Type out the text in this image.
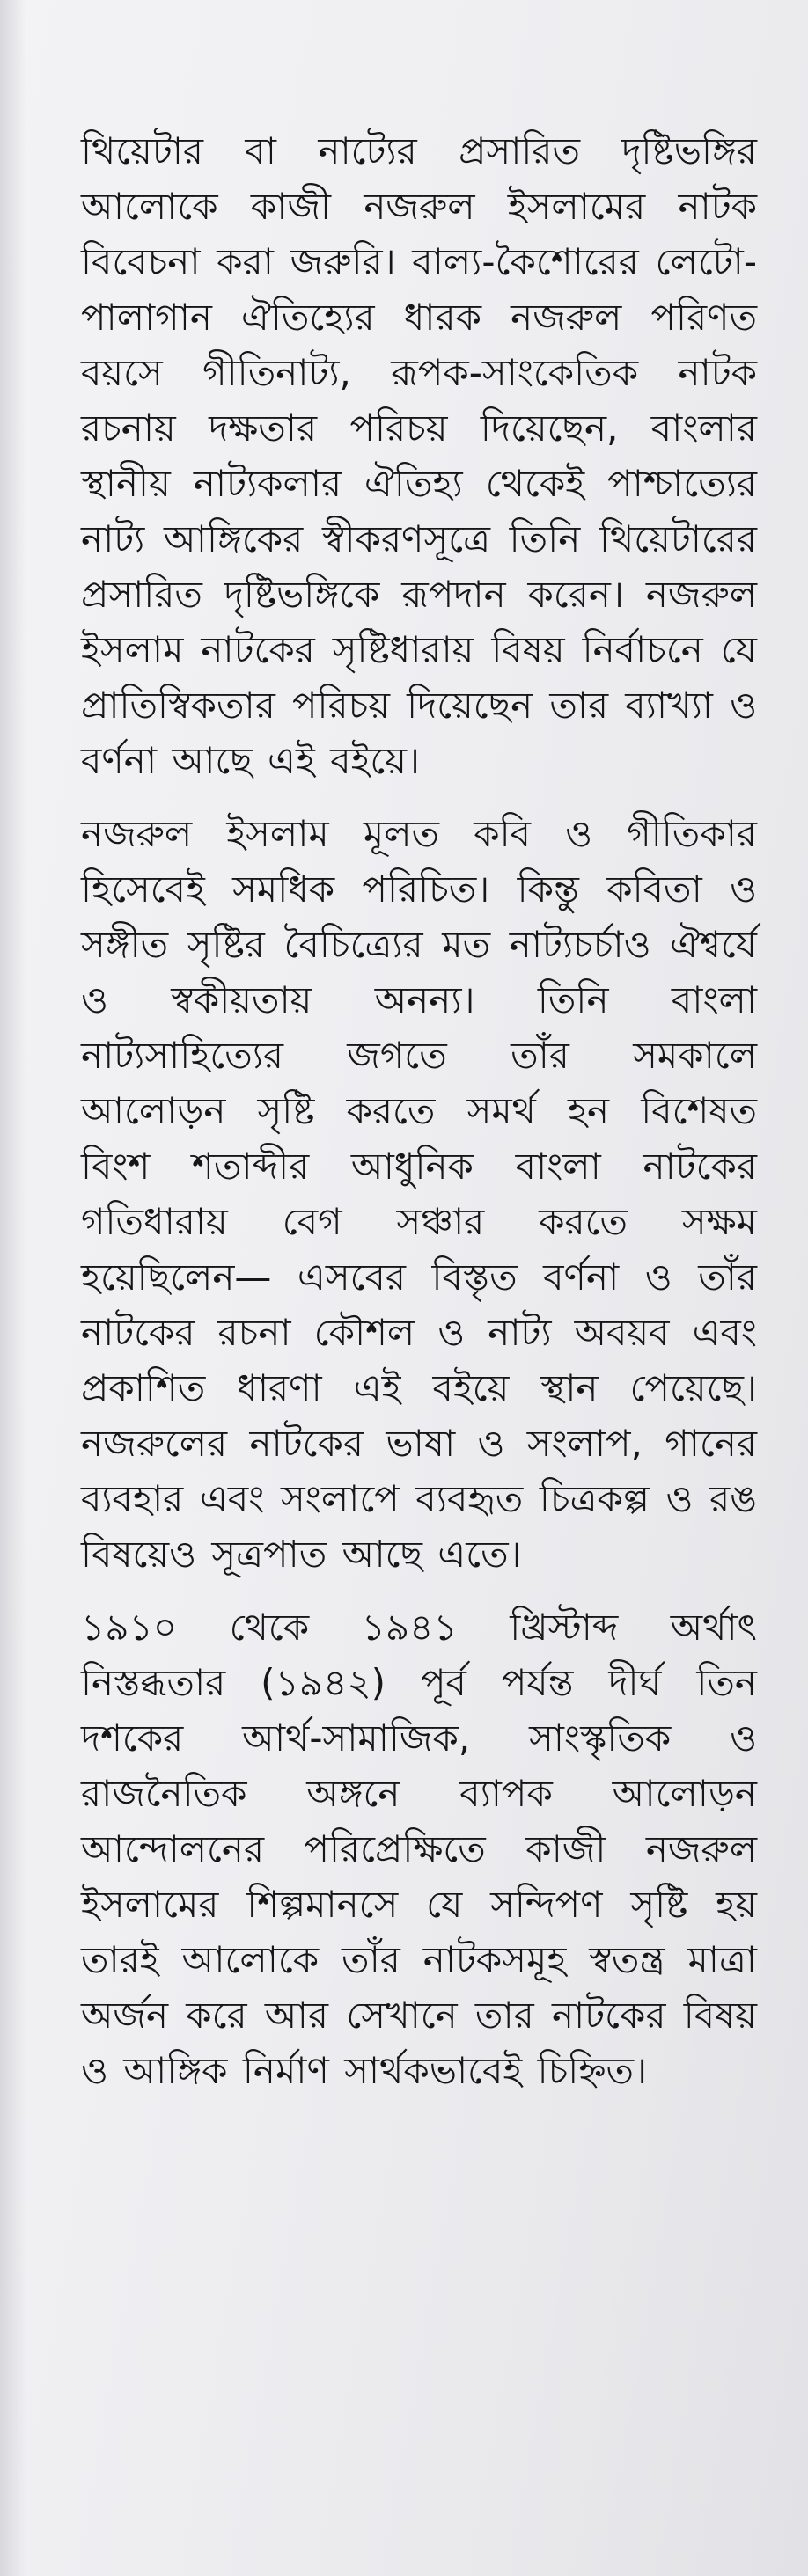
থিয়েটার বা নাট্যের প্রসারিত দৃষ্টিভঙ্গির আলোকে কাজী নজরুল ইসলামের নাটক বিবেচনা করা জরুরি। বাল্য-কৈশোরের লেটো-পালাগান ঐতিহ্যের ধারক নজরুল পরিণত বয়সে গীতিনাট্য, রূপক-সাংকেতিক নাটক রচনায় দক্ষতার পরিচয় দিয়েছেন, বাংলার স্থানীয় নাট্যকলার ঐতিহ্য থেকেই পাশ্চাত্যের নাট্য আঙ্গিকের স্বীকরণসূত্রে তিনি থিয়েটারের প্রসারিত দৃষ্টিভঙ্গিকে রূপদান করেন। নজরুল ইসলাম নাটকের সৃষ্টিধারায় বিষয় নির্বাচনে যে প্রাতিস্বিকতার পরিচয় দিয়েছেন তার ব্যাখ্যা ও বর্ণনা আছে এই বইয়ে।

নজরুল ইসলাম মূলত কবি ও গীতিকার হিসেবেই সমধিক পরিচিত। কিন্তু কবিতা ও সঙ্গীত সৃষ্টির বৈচিত্র্যের মত নাট্যচর্চাও ঐশ্বর্যে ও স্বকীয়তায় অনন্য। তিনি বাংলা নাট্যসাহিত্যের জগতে তাঁর সমকালে আলোড়ন সৃষ্টি করতে সমর্থ হন বিশেষত বিংশ শতাব্দীর আধুনিক বাংলা নাটকের গতিধারায় বেগ সঞ্চার করতে সক্ষম হয়েছিলেন— এসবের বিস্তৃত বর্ণনা ও তাঁর নাটকের রচনা কৌশল ও নাট্য অবয়ব এবং প্রকাশিত ধারণা এই বইয়ে স্থান পেয়েছে। নজরুলের নাটকের ভাষা ও সংলাপ, গানের ব্যবহার এবং সংলাপে ব্যবহৃত চিত্রকল্প ও রঙ বিষয়েও সূত্রপাত আছে এতে।

১৯১০ থেকে ১৯৪১ খ্রিস্টাব্দ অর্থাৎ নিস্তব্ধতার (১৯৪২) পূর্ব পর্যন্ত দীর্ঘ তিন দশকের আর্থ-সামাজিক, সাংস্কৃতিক ও রাজনৈতিক অঙ্গনে ব্যাপক আলোড়ন আন্দোলনের পরিপ্রেক্ষিতে কাজী নজরুল ইসলামের শিল্পমানসে যে সন্দিপণ সৃষ্টি হয় তারই আলোকে তাঁর নাটকসমূহ স্বতন্ত্র মাত্রা অর্জন করে আর সেখানে তার নাটকের বিষয় ও আঙ্গিক নির্মাণ সার্থকভাবেই চিহ্নিত।
